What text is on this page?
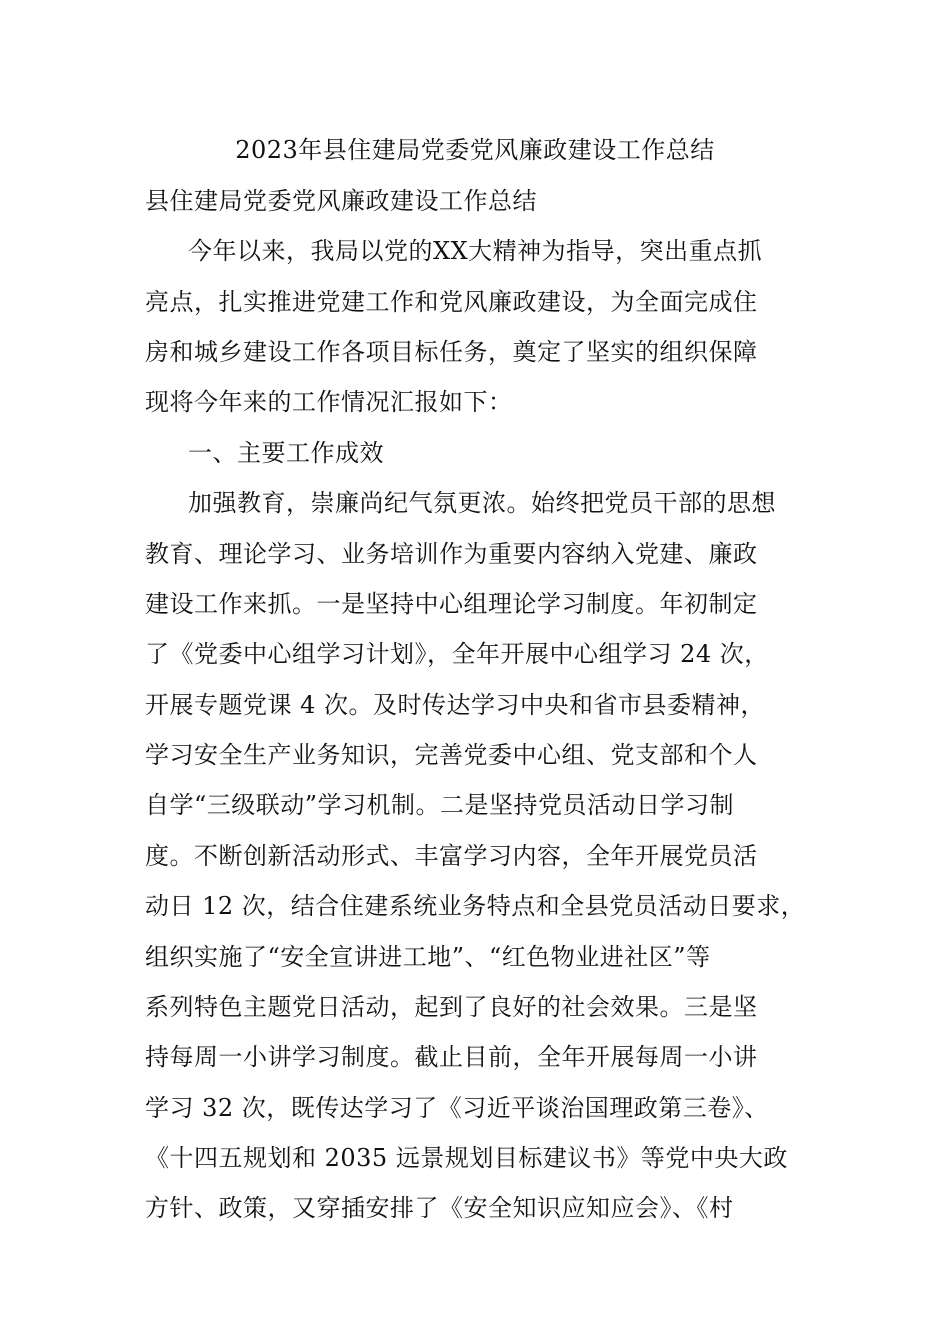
2023年县住建局党委党风廉政建设工作总结
县住建局党委党风廉政建设工作总结
今年以来，我局以党的XX大精神为指导，突出重点抓
亮点，扎实推进党建工作和党风廉政建设，为全面完成住
房和城乡建设工作各项目标任务，奠定了坚实的组织保障
现将今年来的工作情况汇报如下：
一、主要工作成效
加强教育，崇廉尚纪气氛更浓。始终把党员干部的思想
教育、理论学习、业务培训作为重要内容纳入党建、廉政
建设工作来抓。一是坚持中心组理论学习制度。年初制定
了《党委中心组学习计划》，全年开展中心组学习 24 次，
开展专题党课 4 次。及时传达学习中央和省市县委精神，
学习安全生产业务知识，完善党委中心组、党支部和个人
自学“三级联动”学习机制。二是坚持党员活动日学习制
度。不断创新活动形式、丰富学习内容，全年开展党员活
动日 12 次，结合住建系统业务特点和全县党员活动日要求，
组织实施了“安全宣讲进工地”、“红色物业进社区”等
系列特色主题党日活动，起到了良好的社会效果。三是坚
持每周一小讲学习制度。截止目前，全年开展每周一小讲
学习 32 次，既传达学习了《习近平谈治国理政第三卷》、
《十四五规划和 2035 远景规划目标建议书》等党中央大政
方针、政策，又穿插安排了《安全知识应知应会》、《村
